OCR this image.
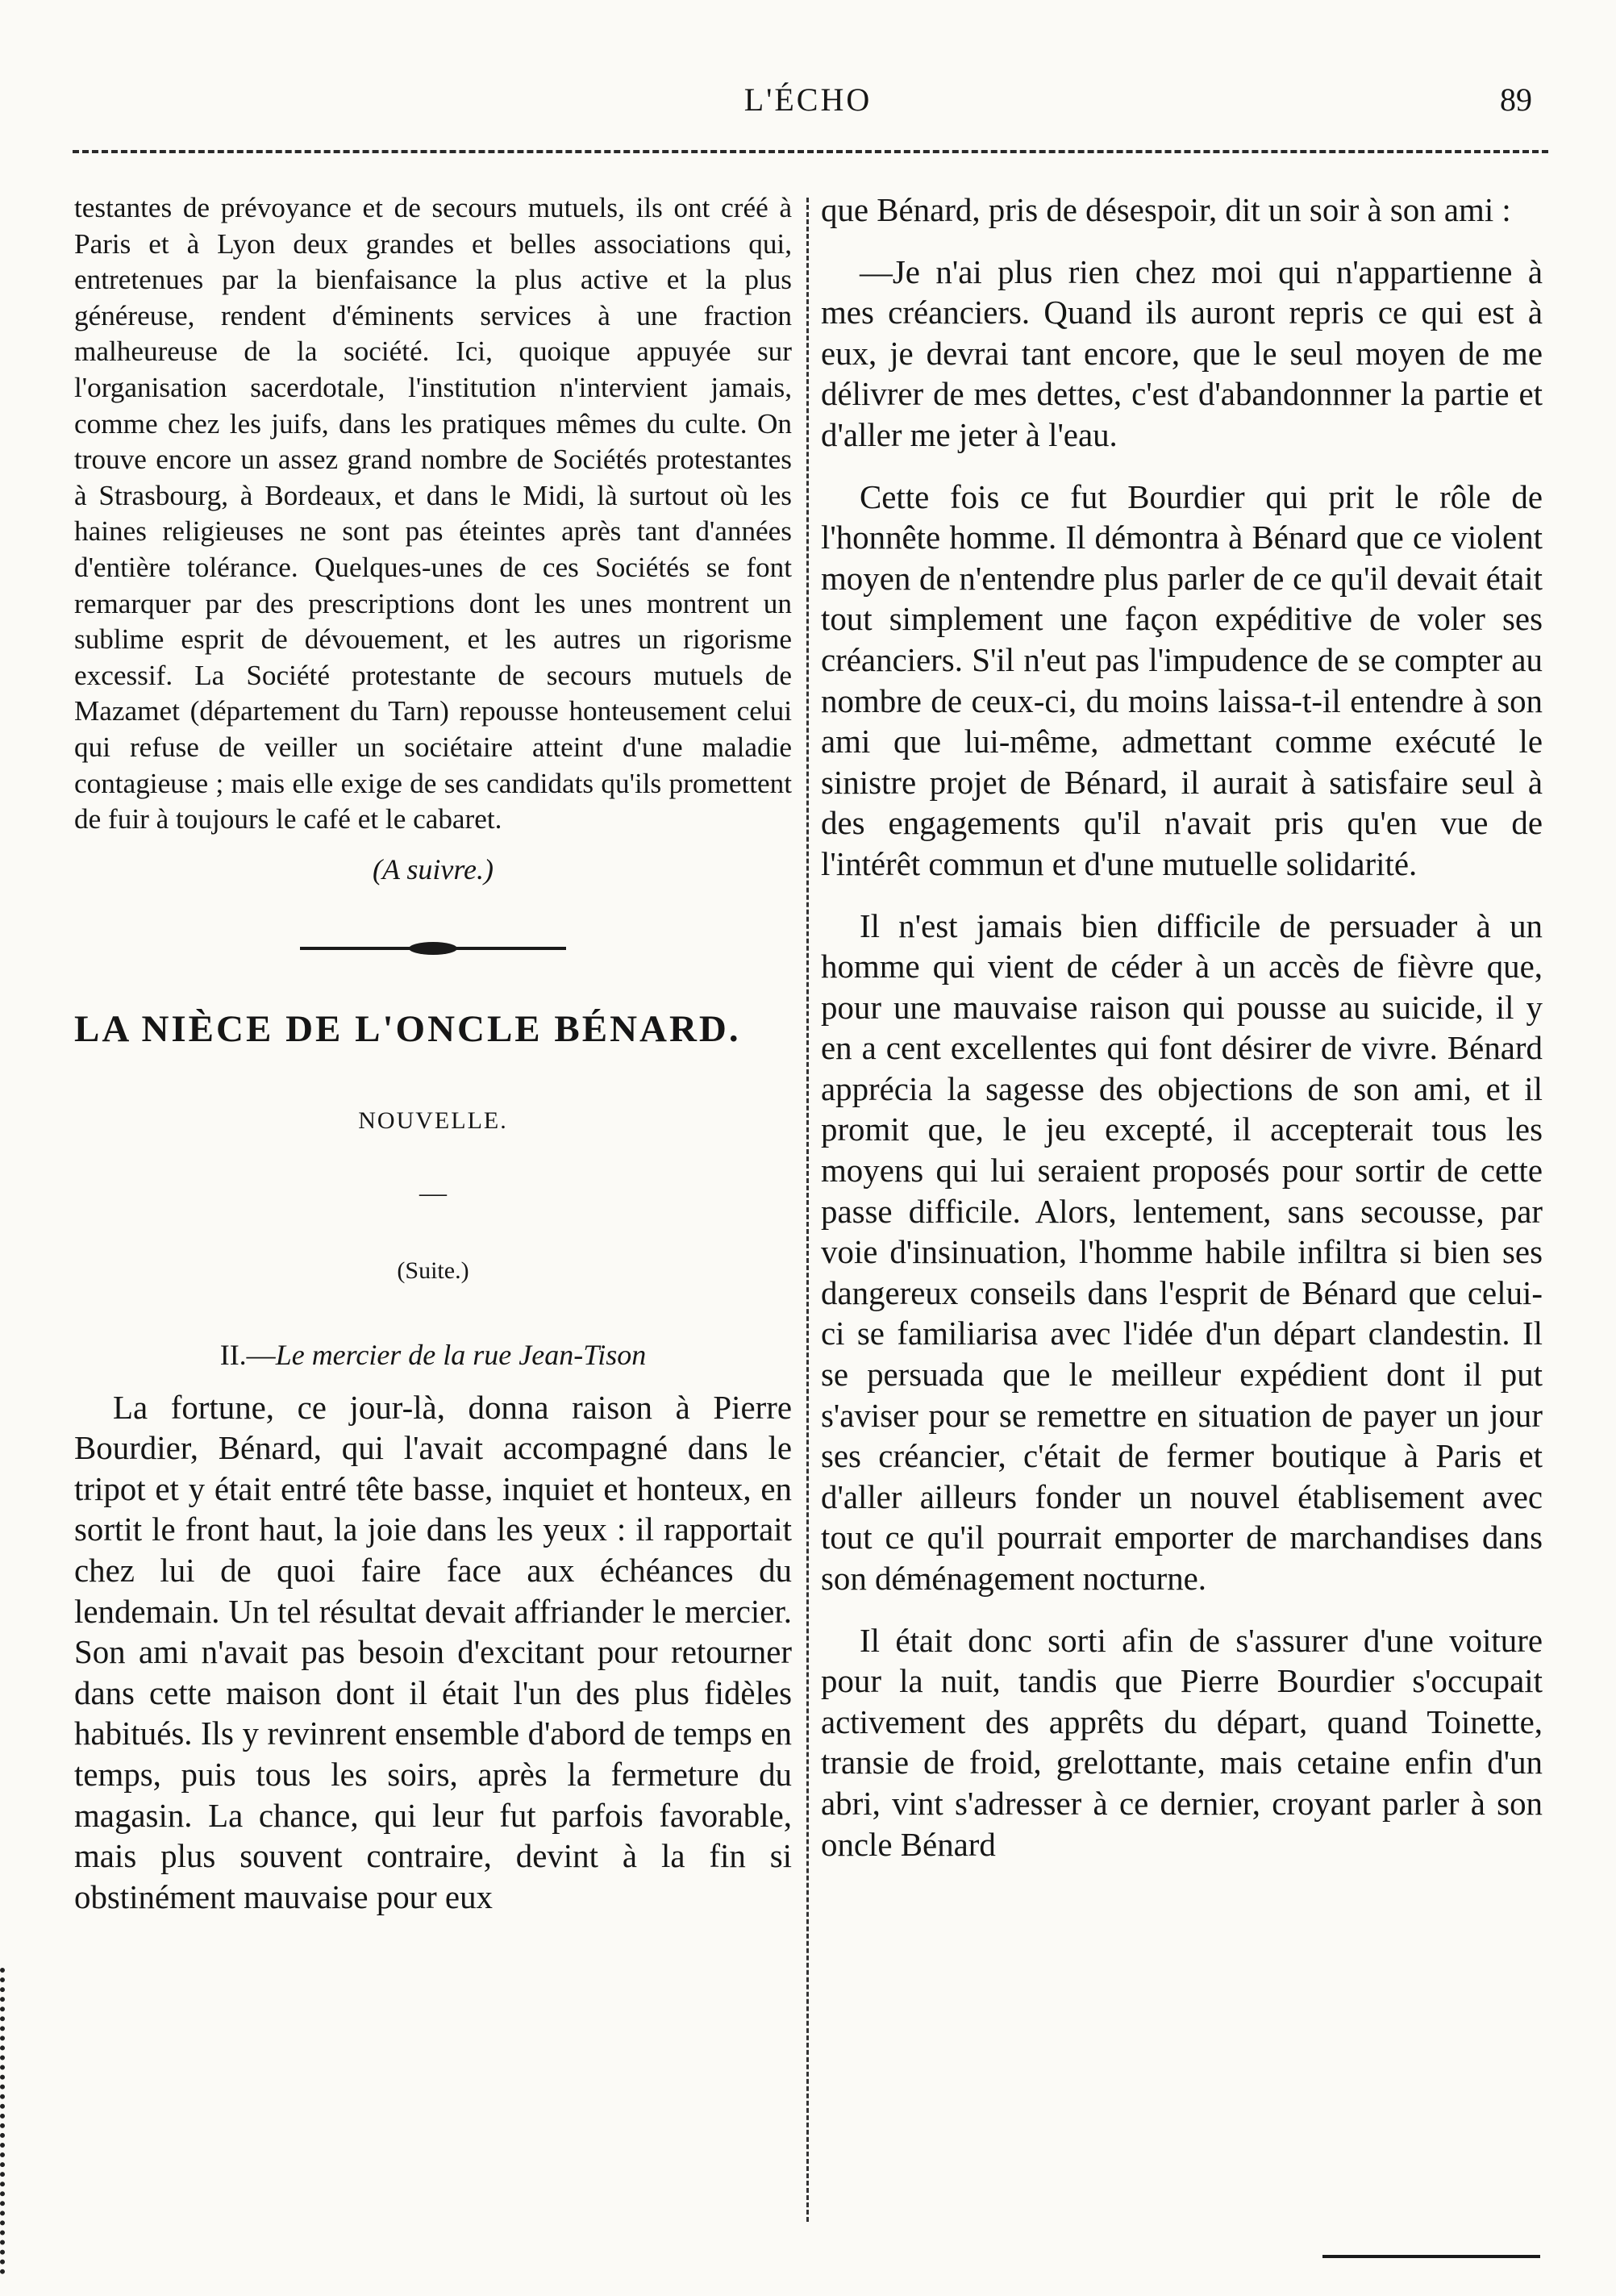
L'ÉCHO	89

testantes de prévoyance et de secours mutuels, ils ont créé à Paris et à Lyon deux grandes et belles associations qui, entretenues par la bienfaisance la plus active et la plus généreuse, rendent d'éminents services à une fraction malheureuse de la société. Ici, quoique appuyée sur l'organisation sacerdotale, l'institution n'intervient jamais, comme chez les juifs, dans les pratiques mêmes du culte. On trouve encore un assez grand nombre de Sociétés protestantes à Strasbourg, à Bordeaux, et dans le Midi, là surtout où les haines religieuses ne sont pas éteintes après tant d'années d'entière tolérance. Quelques-unes de ces Sociétés se font remarquer par des prescriptions dont les unes montrent un sublime esprit de dévouement, et les autres un rigorisme excessif. La Société protestante de secours mutuels de Mazamet (département du Tarn) repousse honteusement celui qui refuse de veiller un sociétaire atteint d'une maladie contagieuse ; mais elle exige de ses candidats qu'ils promettent de fuir à toujours le café et le cabaret.

(A suivre.)
LA NIÈCE DE L'ONCLE BÉNARD.
NOUVELLE.
—
(Suite.)
II.—Le mercier de la rue Jean-Tison

La fortune, ce jour-là, donna raison à Pierre Bourdier, Bénard, qui l'avait accompagné dans le tripot et y était entré tête basse, inquiet et honteux, en sortit le front haut, la joie dans les yeux : il rapportait chez lui de quoi faire face aux échéances du lendemain. Un tel résultat devait affriander le mercier. Son ami n'avait pas besoin d'excitant pour retourner dans cette maison dont il était l'un des plus fidèles habitués. Ils y revinrent ensemble d'abord de temps en temps, puis tous les soirs, après la fermeture du magasin. La chance, qui leur fut parfois favorable, mais plus souvent contraire, devint à la fin si obstinément mauvaise pour eux

que Bénard, pris de désespoir, dit un soir à son ami :

—Je n'ai plus rien chez moi qui n'appartienne à mes créanciers. Quand ils auront repris ce qui est à eux, je devrai tant encore, que le seul moyen de me délivrer de mes dettes, c'est d'abandonnner la partie et d'aller me jeter à l'eau.

Cette fois ce fut Bourdier qui prit le rôle de l'honnête homme. Il démontra à Bénard que ce violent moyen de n'entendre plus parler de ce qu'il devait était tout simplement une façon expéditive de voler ses créanciers. S'il n'eut pas l'impudence de se compter au nombre de ceux-ci, du moins laissa-t-il entendre à son ami que lui-même, admettant comme exécuté le sinistre projet de Bénard, il aurait à satisfaire seul à des engagements qu'il n'avait pris qu'en vue de l'intérêt commun et d'une mutuelle solidarité.

Il n'est jamais bien difficile de persuader à un homme qui vient de céder à un accès de fièvre que, pour une mauvaise raison qui pousse au suicide, il y en a cent excellentes qui font désirer de vivre. Bénard apprécia la sagesse des objections de son ami, et il promit que, le jeu excepté, il accepterait tous les moyens qui lui seraient proposés pour sortir de cette passe difficile. Alors, lentement, sans secousse, par voie d'insinuation, l'homme habile infiltra si bien ses dangereux conseils dans l'esprit de Bénard que celui-ci se familiarisa avec l'idée d'un départ clandestin. Il se persuada que le meilleur expédient dont il put s'aviser pour se remettre en situation de payer un jour ses créancier, c'était de fermer boutique à Paris et d'aller ailleurs fonder un nouvel établisement avec tout ce qu'il pourrait emporter de marchandises dans son déménagement nocturne.

Il était donc sorti afin de s'assurer d'une voiture pour la nuit, tandis que Pierre Bourdier s'occupait activement des apprêts du départ, quand Toinette, transie de froid, grelottante, mais cetaine enfin d'un abri, vint s'adresser à ce dernier, croyant parler à son oncle Bénard
